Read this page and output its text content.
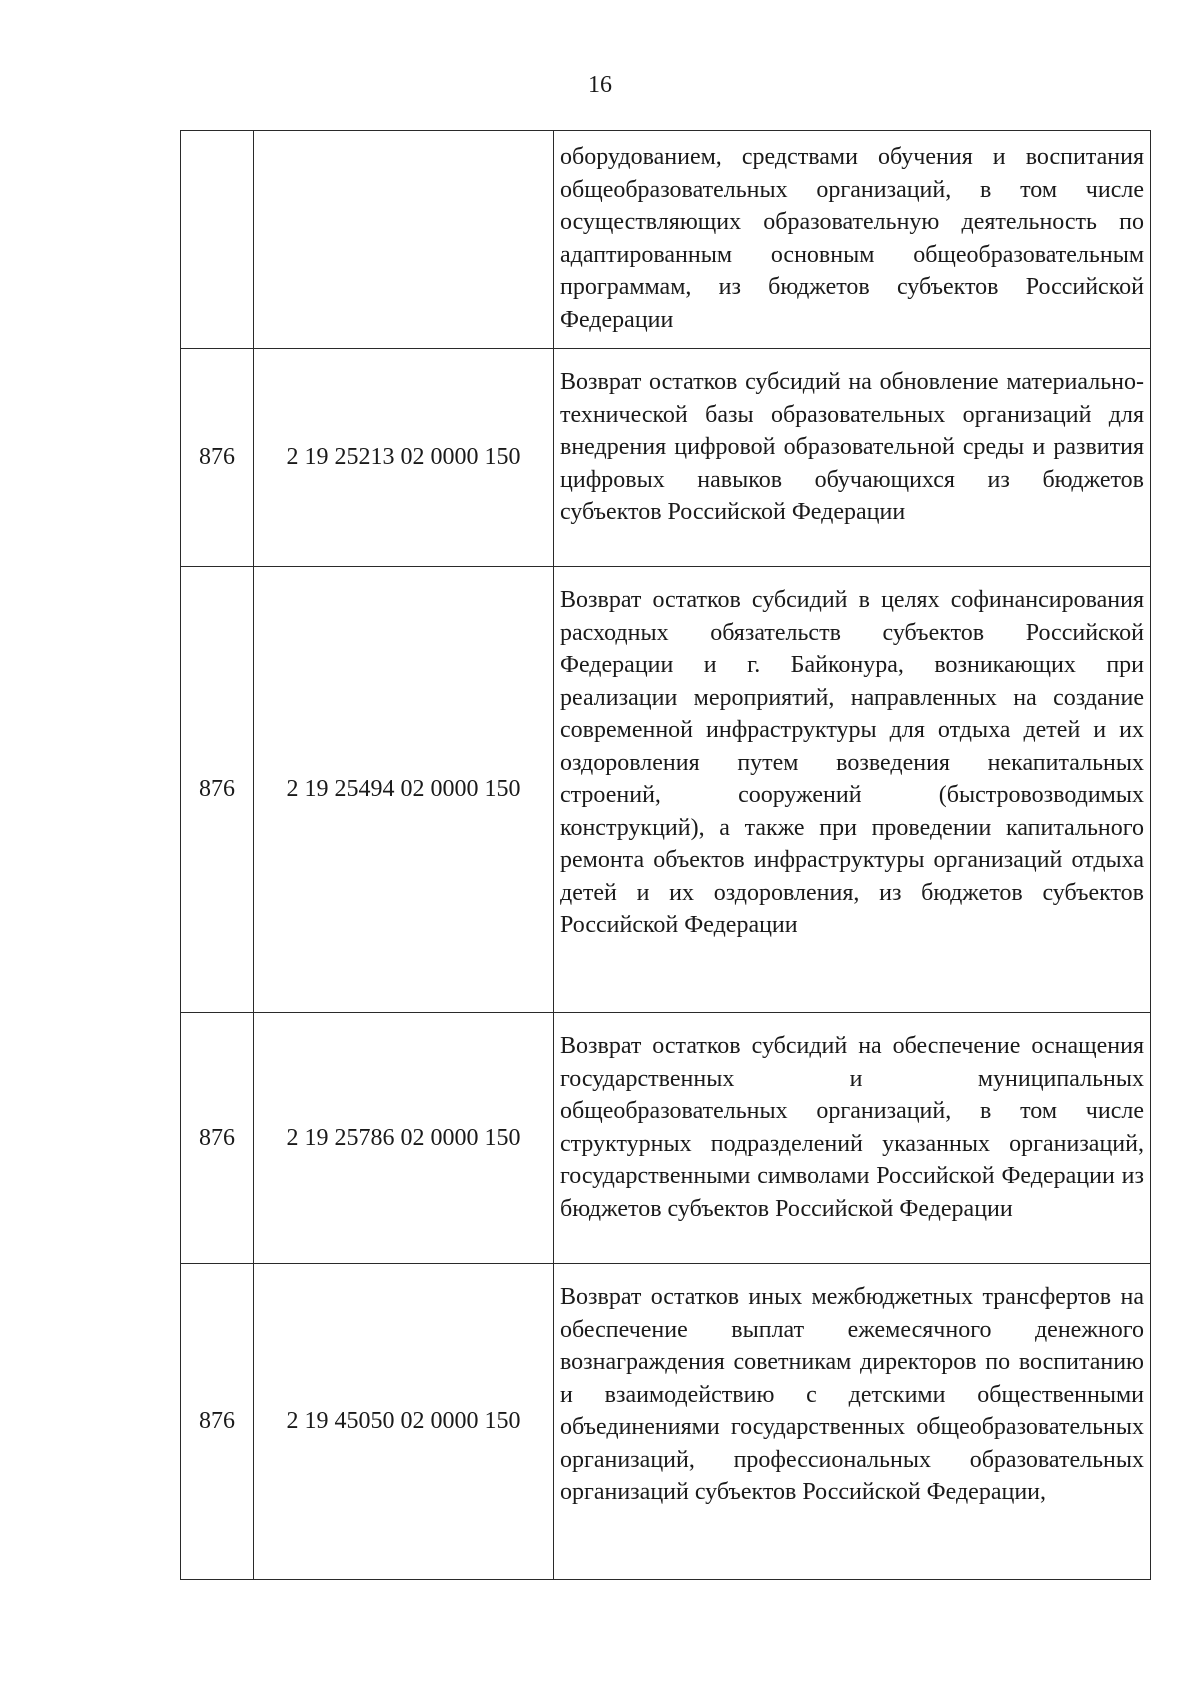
16

		оборудованием, средствами обучения и воспитания общеобразовательных организаций, в том числе осуществляющих образовательную деятельность по адаптированным основным общеобразовательным программам, из бюджетов субъектов Российской Федерации

876	2 19 25213 02 0000 150	Возврат остатков субсидий на обновление материально-технической базы образовательных организаций для внедрения цифровой образовательной среды и развития цифровых навыков обучающихся из бюджетов субъектов Российской Федерации

876	2 19 25494 02 0000 150	Возврат остатков субсидий в целях софинансирования расходных обязательств субъектов Российской Федерации и г. Байконура, возникающих при реализации мероприятий, направленных на создание современной инфраструктуры для отдыха детей и их оздоровления путем возведения некапитальных строений, сооружений (быстровозводимых конструкций), а также при проведении капитального ремонта объектов инфраструктуры организаций отдыха детей и их оздоровления, из бюджетов субъектов Российской Федерации

876	2 19 25786 02 0000 150	Возврат остатков субсидий на обеспечение оснащения государственных и муниципальных общеобразовательных организаций, в том числе структурных подразделений указанных организаций, государственными символами Российской Федерации из бюджетов субъектов Российской Федерации

876	2 19 45050 02 0000 150	Возврат остатков иных межбюджетных трансфертов на обеспечение выплат ежемесячного денежного вознаграждения советникам директоров по воспитанию и взаимодействию с детскими общественными объединениями государственных общеобразовательных организаций, профессиональных образовательных организаций субъектов Российской Федерации,
